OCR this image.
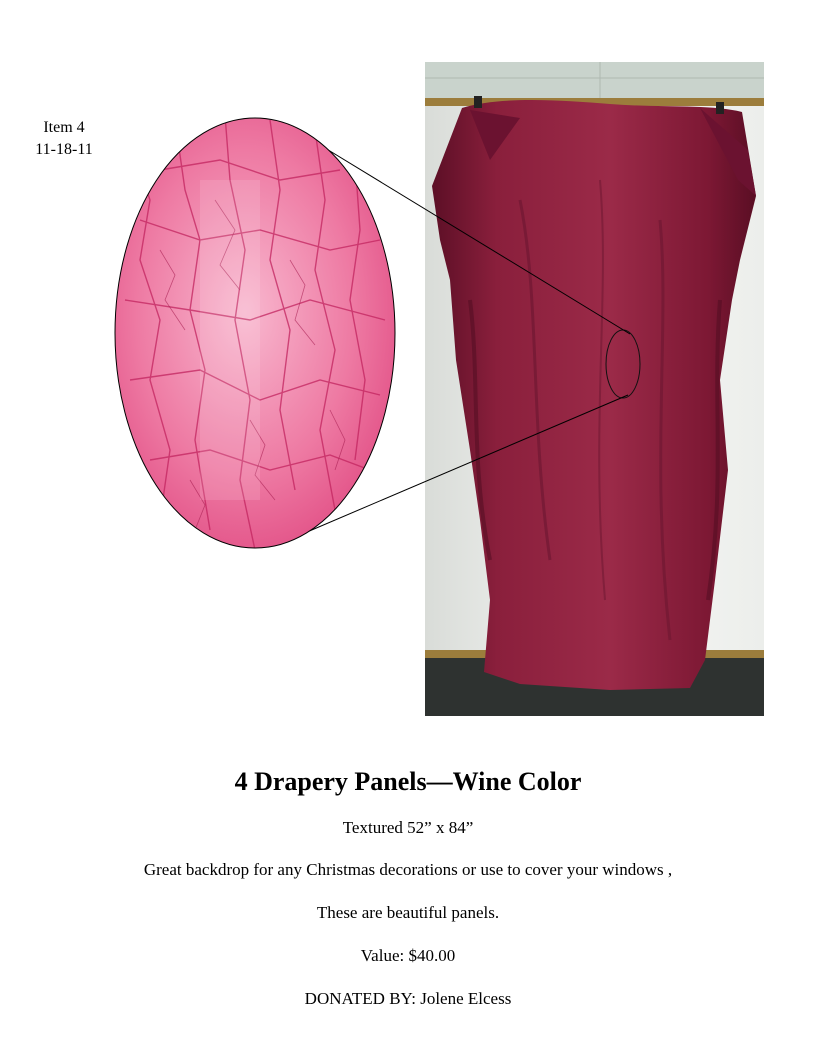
Item 4
11-18-11
4 Drapery Panels—Wine Color
Textured 52” x 84”
Great backdrop for any Christmas decorations or use to cover your windows ,
These are beautiful panels.
Value: $40.00
DONATED BY: Jolene Elcess
